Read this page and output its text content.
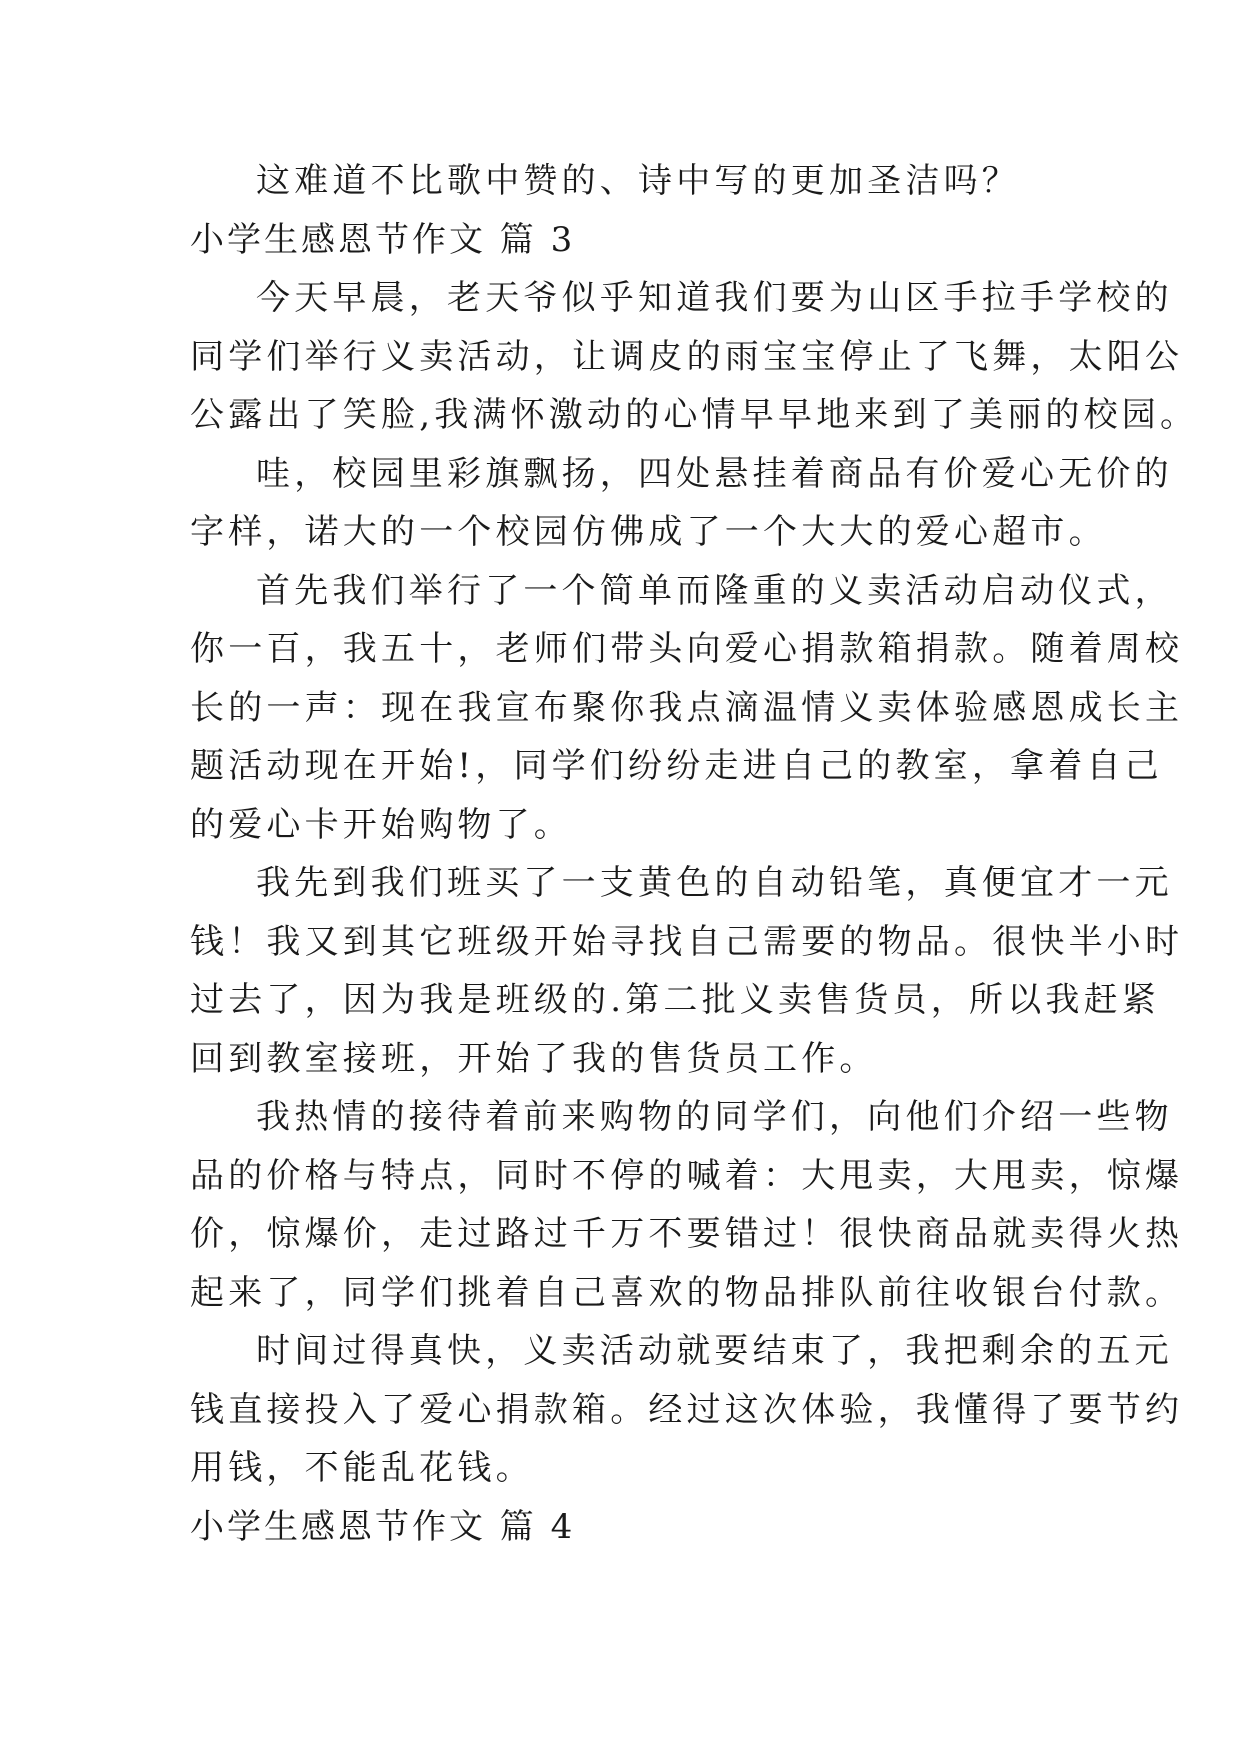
这难道不比歌中赞的、诗中写的更加圣洁吗？
小学生感恩节作文 篇 3
今天早晨，老天爷似乎知道我们要为山区手拉手学校的
同学们举行义卖活动，让调皮的雨宝宝停止了飞舞，太阳公
公露出了笑脸,我满怀激动的心情早早地来到了美丽的校园。
哇，校园里彩旗飘扬，四处悬挂着商品有价爱心无价的
字样，诺大的一个校园仿佛成了一个大大的爱心超市。
首先我们举行了一个简单而隆重的义卖活动启动仪式，
你一百，我五十，老师们带头向爱心捐款箱捐款。随着周校
长的一声：现在我宣布聚你我点滴温情义卖体验感恩成长主
题活动现在开始!，同学们纷纷走进自己的教室，拿着自己
的爱心卡开始购物了。
我先到我们班买了一支黄色的自动铅笔，真便宜才一元
钱！我又到其它班级开始寻找自己需要的物品。很快半小时
过去了，因为我是班级的.第二批义卖售货员，所以我赶紧
回到教室接班，开始了我的售货员工作。
我热情的接待着前来购物的同学们，向他们介绍一些物
品的价格与特点，同时不停的喊着：大甩卖，大甩卖，惊爆
价，惊爆价，走过路过千万不要错过！很快商品就卖得火热
起来了，同学们挑着自己喜欢的物品排队前往收银台付款。
时间过得真快，义卖活动就要结束了，我把剩余的五元
钱直接投入了爱心捐款箱。经过这次体验，我懂得了要节约
用钱，不能乱花钱。
小学生感恩节作文 篇 4
